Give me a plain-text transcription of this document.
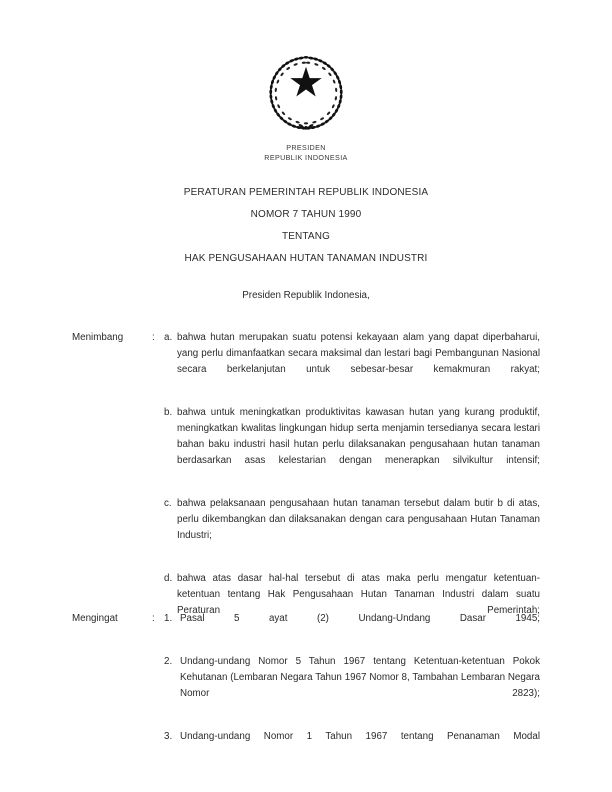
PRESIDEN
REPUBLIK INDONESIA
PERATURAN PEMERINTAH REPUBLIK INDONESIA
NOMOR 7 TAHUN 1990
TENTANG
HAK PENGUSAHAAN HUTAN TANAMAN INDUSTRI
Presiden Republik Indonesia,
Menimbang	: a. bahwa hutan merupakan suatu potensi kekayaan alam yang dapat diperbaharui, yang perlu dimanfaatkan secara maksimal dan lestari bagi Pembangunan Nasional secara berkelanjutan untuk sebesar-besar kemakmuran rakyat;
b. bahwa untuk meningkatkan produktivitas kawasan hutan yang kurang produktif, meningkatkan kwalitas lingkungan hidup serta menjamin tersedianya secara lestari bahan baku industri hasil hutan perlu dilaksanakan pengusahaan hutan tanaman berdasarkan asas kelestarian dengan menerapkan silvikultur intensif;
c. bahwa pelaksanaan pengusahaan hutan tanaman tersebut dalam butir b di atas, perlu dikembangkan dan dilaksanakan dengan cara pengusahaan Hutan Tanaman Industri;
d. bahwa atas dasar hal-hal tersebut di atas maka perlu mengatur ketentuan-ketentuan tentang Hak Pengusahaan Hutan Tanaman Industri dalam suatu Peraturan Pemerintah;
Mengingat	: 1. Pasal 5 ayat (2) Undang-Undang Dasar 1945;
2. Undang-undang Nomor 5 Tahun 1967 tentang Ketentuan-ketentuan Pokok Kehutanan (Lembaran Negara Tahun 1967 Nomor 8, Tambahan Lembaran Negara Nomor 2823);
3. Undang-undang Nomor 1 Tahun 1967 tentang Penanaman Modal
